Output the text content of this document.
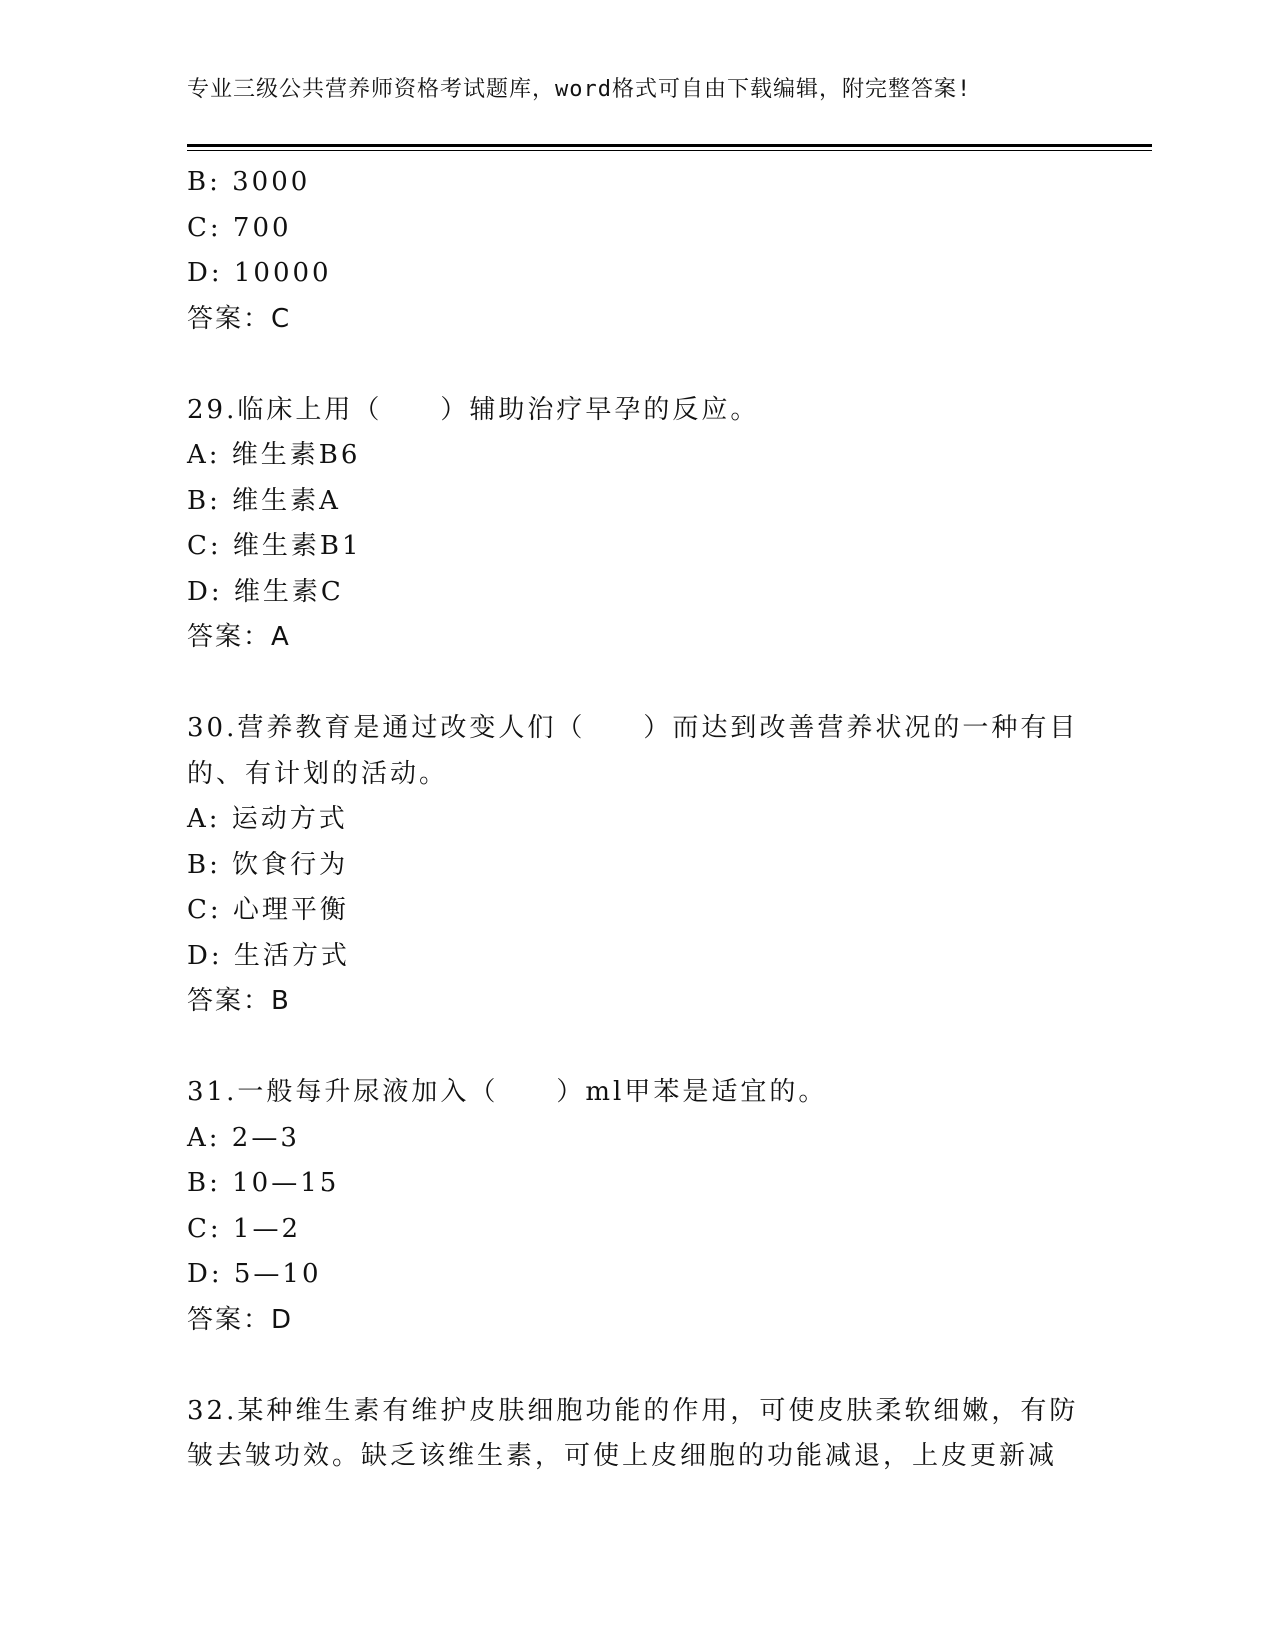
专业三级公共营养师资格考试题库，word格式可自由下载编辑，附完整答案!
B: 3000
C: 700
D: 10000
答案：C
29.临床上用（　　）辅助治疗早孕的反应。
A: 维生素B6
B: 维生素A
C: 维生素B1
D: 维生素C
答案：A
30.营养教育是通过改变人们（　　）而达到改善营养状况的一种有目
的、有计划的活动。
A: 运动方式
B: 饮食行为
C: 心理平衡
D: 生活方式
答案：B
31.一般每升尿液加入（　　）ml甲苯是适宜的。
A: 2—3
B: 10—15
C: 1—2
D: 5—10
答案：D
32.某种维生素有维护皮肤细胞功能的作用，可使皮肤柔软细嫩，有防
皱去皱功效。缺乏该维生素，可使上皮细胞的功能减退，上皮更新减
